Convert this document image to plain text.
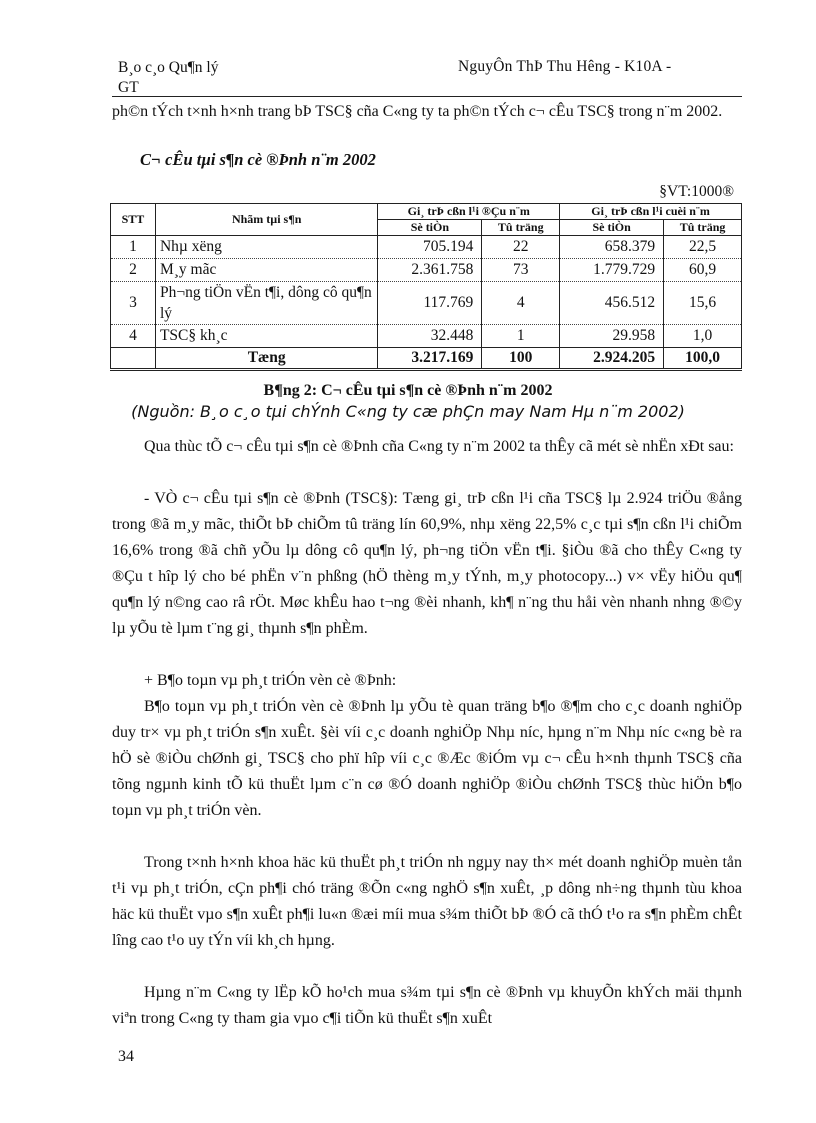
B¸o c¸o Qu¶n lý
GT
NguyÔn ThÞ Thu Hêng - K10A -
ph©n tÝch t×nh h×nh trang bÞ TSC§ cña C«ng ty ta ph©n tÝch c¬ cÊu TSC§ trong n¨m 2002.
C¬ cÊu tµi s¶n cè ®Þnh n¨m 2002
§VT:1000®
STT	Nhãm tµi s¶n	Gi¸ trÞ cßn l¹i ®Çu n¨m		Gi¸ trÞ cßn l¹i cuèi n¨m	
		Sè tiÒn	Tû träng	Sè tiÒn	Tû träng
1	Nhµ xëng	705.194	22	658.379	22,5
2	M¸y mãc	2.361.758	73	1.779.729	60,9
3	Ph¬ng tiÖn vËn t¶i, dông cô qu¶n lý	117.769	4	456.512	15,6
4	TSC§ kh¸c	32.448	1	29.958	1,0
	Tæng	3.217.169	100	2.924.205	100,0
B¶ng 2: C¬ cÊu tµi s¶n cè ®Þnh n¨m 2002
(Nguồn: B¸o c¸o tµi chÝnh C«ng ty cæ phÇn may Nam Hµ n¨m 2002)
Qua thùc tÕ c¬ cÊu tµi s¶n cè ®Þnh cña C«ng ty n¨m 2002 ta thÊy cã mét sè nhËn xÐt sau:
- VÒ c¬ cÊu tµi s¶n cè ®Þnh (TSC§): Tæng gi¸ trÞ cßn l¹i cña TSC§ lµ 2.924 triÖu ®ång trong ®ã m¸y mãc, thiÕt bÞ chiÕm tû träng lín 60,9%, nhµ xëng 22,5% c¸c tµi s¶n cßn l¹i chiÕm 16,6% trong ®ã chñ yÕu lµ dông cô qu¶n lý, ph¬ng tiÖn vËn t¶i. §iÒu ®ã cho thÊy C«ng ty ®Çu t hîp lý cho bé phËn v¨n phßng (hÖ thèng m¸y tÝnh, m¸y photocopy...) v× vËy hiÖu qu¶ qu¶n lý n©ng cao râ rÖt. Møc khÊu hao t¬ng ®èi nhanh, kh¶ n¨ng thu håi vèn nhanh nhng ®©y lµ yÕu tè lµm t¨ng gi¸ thµnh s¶n phÈm.
+ B¶o toµn vµ ph¸t triÓn vèn cè ®Þnh:
B¶o toµn vµ ph¸t triÓn vèn cè ®Þnh lµ yÕu tè quan träng b¶o ®¶m cho c¸c doanh nghiÖp duy tr× vµ ph¸t triÓn s¶n xuÊt. §èi víi c¸c doanh nghiÖp Nhµ níc, hµng n¨m Nhµ níc c«ng bè ra hÖ sè ®iÒu chØnh gi¸ TSC§ cho phï hîp víi c¸c ®Æc ®iÓm vµ c¬ cÊu h×nh thµnh TSC§ cña tõng ngµnh kinh tÕ kü thuËt lµm c¨n cø ®Ó doanh nghiÖp ®iÒu chØnh TSC§ thùc hiÖn b¶o toµn vµ ph¸t triÓn vèn.
Trong t×nh h×nh khoa häc kü thuËt ph¸t triÓn nh ngµy nay th× mét doanh nghiÖp muèn tån t¹i vµ ph¸t triÓn, cÇn ph¶i chó träng ®Õn c«ng nghÖ s¶n xuÊt, ¸p dông nh÷ng thµnh tùu khoa häc kü thuËt vµo s¶n xuÊt ph¶i lu«n ®æi míi mua s¾m thiÕt bÞ ®Ó cã thÓ t¹o ra s¶n phÈm chÊt lîng cao t¹o uy tÝn víi kh¸ch hµng.
Hµng n¨m C«ng ty lËp kÕ ho¹ch mua s¾m tµi s¶n cè ®Þnh vµ khuyÕn khÝch mäi thµnh viªn trong C«ng ty tham gia vµo c¶i tiÕn kü thuËt s¶n xuÊt
34
